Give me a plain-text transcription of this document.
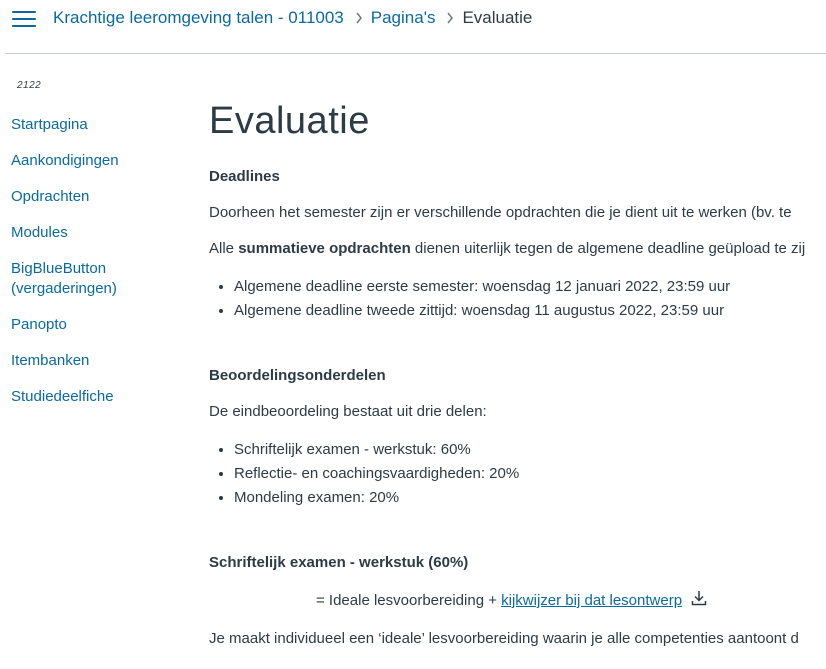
Krachtige leeromgeving talen - 011003 Pagina's Evaluatie
2122
Startpagina
Aankondigingen
Opdrachten
Modules
BigBlueButton (vergaderingen)
Panopto
Itembanken
Studiedeelfiche
Evaluatie
Deadlines

Doorheen het semester zijn er verschillende opdrachten die je dient uit te werken (bv. te

Alle summatieve opdrachten dienen uiterlijk tegen de algemene deadline geüpload te zij

• Algemene deadline eerste semester: woensdag 12 januari 2022, 23:59 uur
• Algemene deadline tweede zittijd: woensdag 11 augustus 2022, 23:59 uur
Beoordelingsonderdelen

De eindbeoordeling bestaat uit drie delen:

• Schriftelijk examen - werkstuk: 60%
• Reflectie- en coachingsvaardigheden: 20%
• Mondeling examen: 20%
Schriftelijk examen - werkstuk (60%)

= Ideale lesvoorbereiding + kijkwijzer bij dat lesontwerp

Je maakt individueel een ‘ideale’ lesvoorbereiding waarin je alle competenties aantoont d
